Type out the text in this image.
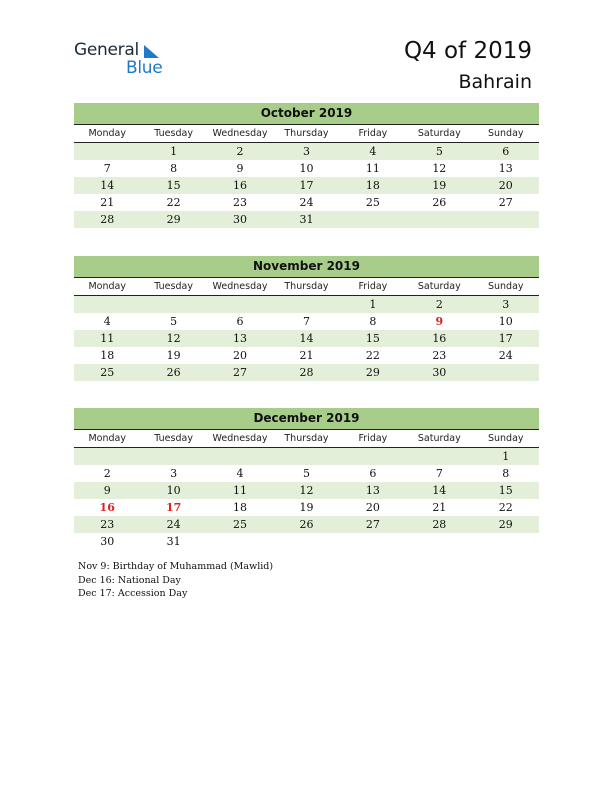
General
Blue
Q4 of 2019
Bahrain
October 2019
Monday	Tuesday	Wednesday	Thursday	Friday	Saturday	Sunday
	1	2	3	4	5	6
7	8	9	10	11	12	13
14	15	16	17	18	19	20
21	22	23	24	25	26	27
28	29	30	31			
November 2019
Monday	Tuesday	Wednesday	Thursday	Friday	Saturday	Sunday
				1	2	3
4	5	6	7	8	9	10
11	12	13	14	15	16	17
18	19	20	21	22	23	24
25	26	27	28	29	30	
December 2019
Monday	Tuesday	Wednesday	Thursday	Friday	Saturday	Sunday
						1
2	3	4	5	6	7	8
9	10	11	12	13	14	15
16	17	18	19	20	21	22
23	24	25	26	27	28	29
30	31					
Nov 9: Birthday of Muhammad (Mawlid)
Dec 16: National Day
Dec 17: Accession Day
